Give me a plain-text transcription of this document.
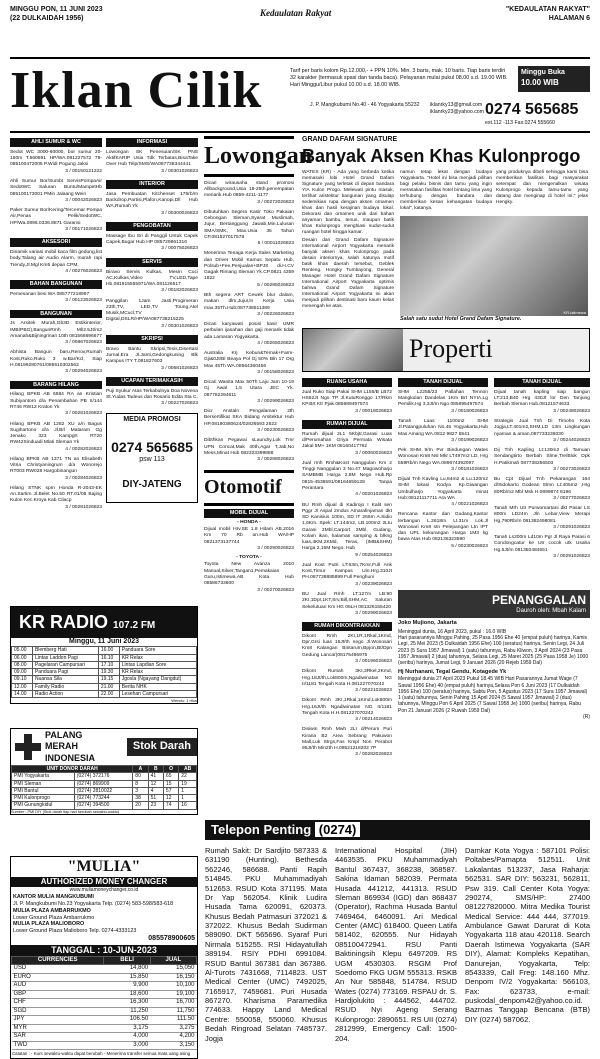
MINGGU PON, 11 JUNI 2023
(22 DULKAIDAH 1956)
Kedaulatan Rakyat	"KEDAULATAN RAKYAT"
HALAMAN 6
Iklan Cilik	Tarif per baris kolom Rp.12.000,- + PPN 10%. Min. 3 baris, mak. 10 baris. Tiap baris terdiri 32 karakter (termasuk spasi dan tanda baca). Pelayanan mulai pukul 08.00 s.d. 19.00 WIB. Hari Minggu/Libur pukul 10.00 s.d. 18.00 WIB.
Minggu Buka
10.00 WIB
J. P. Mangkubumi No.40 - 46 Yogyakarta 55232 iklanrky13@gmail.com
iklanrky23@yahoo.com 0274 565685
ext.112 -113 Fax.0274 555660
AHLI SUMUR & WC
Sedot WC 3000-60000, bor sumur 20-150m T.560591 HP/WA.081227572 79-085100472005 P.Widi Pogung Jaksi
3 / 00150121222
Ahli Sumur Bor/Sumbt ServisPompaAir SedotWC Saluran Buntu/MampetHb 085100173001 PMin Jalaang Wein
3 / 00042026823
Paker Sumur Bor/Kering/Tercemar Pompa Air,Penas Pelik/SedotWC, HP/Wa.0896.0336.8871 Garansi
3 / 00171026823
AKSESORI
Dinamik variasi mobil kaca film gedung,list body,Talang air Audio Alarm, murah rapi Trendy,Jl.Mgl Km5 depan CPM.
4 / 00276026823
BAHAN BANGUNAN
Pemesanan besi WA 085777218997
3 / 00123026823
BANGUNAN
Js Arsitek Murah,Gb3D Estikinterior, IMB/PBG),BangunRmh Ml/2.5Jt/m2 Amanah&Bijningrinan 10th 081568696677
3 / 00867026823
Abhista Bangun baru,Renov,Rumah Kost,Ruko,Ruko 3 w.Bar/Kcl, Siap H.08199280761/085510302562
3 / 00294026823
BARANG HILANG
Hilang BPKB AB 6584 RA an Kristian Subiyantoro d/a Penambahan PB II/144 RT46 RW12 Kraton Yk
3 / 00281026823
Hilang BPKB AB 1282 XU a/n Bagus Sugihartono d/a Jl.Brl Mataram Gg Jenako 323 Kampgrt RT20 RW42Sinduadi Mlati Sleman Yk
4 / 00282026823
Hilang BPKB AB 1371 TN an Elisabeth Vitria Christyaningrum d/a Wonorejo RT003 RW028 Hargobinangun
3 / 00284026823
Hilang STNK spm Honda R-2043-EK An.Sartim Jl.Belet No.50 RT.01/08 Bajing Kulon Kec.Kroya Kab Cilacp
3 / 00281026823
INFORMASI
Lowongan SK Penesuian/SK PNS AktifKARIP Usia Tdk Terbatas,BisaTake Over Hub Telp/SMS/WA087738344441
3 / 00301026823
INTERIOR
Jasa Pembuatan Kitchenset 175rb/m Backdrop,Partisi,Plafon,Kanopi,Dll Hub WA,Rumah Yk
3 / 00300026823
PENGOBATAN
Massage Ibu Sri di Panggil Untuk Capek Capek,Bugar Hub HP 085729861316
3 / 00075026823
SERVIS
Biravo Servis Kulkas, Mesin Cuci AC,Kulkas,Video TV,LED,Tape Hb.081915555971/WA.081126517
3 / 00182026823
Panggilan 1Jam Jasti,Progimeran 23th,TV, LED,TV Toung,Atel Musik,MCucl,TV Digital,DSLR/HP/WA087738215225
3 / 00301026823
SKRIPSI
Bravo Bantu Skripsi,Tesis,Disertasi Jurnal,Era Jl.Janti,Gedongkuning Blk Kampus ITY T.081827603
3 / 00681026823
UCAPAN TERIMAKASIH
Puji Syukur Atas Terkabulnya Doa Novena St.Yudas Tadeus dan Rosario Edita Sta C.
3 / 00227026823
MEDIA PROMOSI
0274 565685
psw 113
DIY-JATENG
Lowongan
Dicari wirausaha stand promosi Allbackground,Usia 18-25th,penempatan menarik.Hub 0859-4211-1177
3 / 00272026823
Dibutuhkan Segera Kasir Toko Pakaian Cebongan Sleman,Syarat Muslimah, Jujur, Bertanggung Jawab,Min.Lulusan SMA/SMK, Max.Usia 35 Tahun CP.081527017578
5 / 00011026823
Menerima Tenaga Kerja Sales Marketing dan Driver Mobil Kamus Sepatu Hub, Polsub+Fee,Penjualan+BPJS di.H.CV Gagak Rimang Sleman Yk.CP.0821 4259 1822
5 / 00285026823
Bth segera ART Cewek blur dalam, makan dlm,Jujur,ln Kerja Usia max.35Th.Hub:087738511389
3 / 00226026823
Dicari karyawati posisi kasir UMR perbulan ijasahan dan gaji menarik tidak ada Lamaran Yogyakarta.
4 / 00265026823
Australia Krj Kebun&Ternak+Farm-Gji&0Jt/Bl Beaya Pol Gj 50% Bln 17 Org Max 45Th WA.08564360456
3 / 00158026823
Dicari Wanita Max 50Th Laju Jam 10-19 Gj Awal 1,5 Utara JEC Yk. 087782294611
3 / 00299026823
Dicr Anstaln Pengalaman 2th Bersertifikat SKA Bidang Arsitektur Hub HP.08190380624/02826593 2622
3 / 00230026823
Dibthkan Pegawai sLaundry,Lok Tmr UPN Concat,Mak 40th,Agar T,Jab,No Mess,Minat Hub 082323399888
3 / 00288026823
Otomotif
MOBIL DIJUAL
- HONDA -
Dijual mobil Hrv.SE 1.8 Hitam AB.2016 Km 70 Rb an.Hub WA/HP 0821373137744
3 / 00290026823
- TOYOTA -
Toyota New Avanza 2010 Manual,Silver,Tangan1,Pemakaian Guru,Istimewa.AB Kota Hub 08586733600
3 / 00270026823
GRAND DAFAM SIGNATURE
Banyak Aksen Khas Kulonprogo
WATES (KR) - Ada yang berbeda ketika memasuki lobi Hotel Grand Dafam Signature yang terletak di depan bandara YIA Kulon Progo. Melewati pintu masuk, terlihat aristektur bangunan yang disulap sedemikian rupa dengan aksen ornamen khas dan hasil kerajinan budaya lokal. Dekorasi dan ornamen unik dari bahan anyaman bambu, tenun, maupun batik khas Kulonprogo menghiasi sudut-sudut ruangan hotel hingga kamar.
Desain dari Grand Dafam Signature International Airport Yogyakarta menarik banyak aksen khas Kulonprogo pada desain interiornya, salah satunya motif batik khas daerah tersebut, Geblek Renteng. Hongky Tumbayong, General Manager Hotel Grand Dafam Signature International Airport Yogyakarta optimis bahwa Grand Dafam Signature International Airport Yogyakarta ini akan menjadi pilihan destinasi baru kaum kelas menengah ke atas.
namun tetap lekat dengan budaya Yogyakarta. "Hotel ini bisa menjadi pilihan bagi pelaku bisnis dan tamu yang ingin merasakan fasilitas hotel bintang lima yang terhubung dengan bandara dan memberikan kesan kehangatan budaya lokal", katanya.
yang produknya dibeli sehingga kami bisa memberikan fasilitas bagi masyarakat setempat dan mengenalkan wisata Kulonprogo kepada tamu-tamu yang datang dan menginap di hotel ini," jelas Hengky.
KR-istimewa
Salah satu sudut Hotel Grand Dafam Signature.
Properti
RUANG USAHA
Jual Ruko Siap Pakai SHM L155/B LB72 HS62Jt Ngo TP Jl.KutuRonggo 17/Rkm KP.Brt Ktr Pjak.085989497574
3 / 00018026823
RUMAH DIJUAL
Rumah dijual 2L1 5Kbjtr,Garasi Luas d/Perumahan Griya Permata Wisata Jakal 5M+ 1KM 08160417762
3 / 00060026823
Jual rmh Rmh&Kost Nanggulan Km 2 Tinggi Nanggulan 3 No.47 Magowoharjo SAMBMB Harga 2,8M Nego Hub.Rp 0815-4536591/08164659128 Tanpa Perantara
4 / 00201026823
BU Rmh dijual di Kadirojo I Kalit sen Pggr Jl Aspal 2mdus Amarafinjaman dkt SD Kanisius 100m, SD IT 266m A.Sidio 1,6Km. Spek: LT.144m2, LB.100m2 2Ltu Garasi 2Mbl,Carport 2Mbl, Gudang, Kolam ikan, halaman samping & blkng luas,4KM,2KMd, Teras, (IMB&SHM) Harga 2,15M Nego. Hub
9 / 00254026823
Jual Kost Putri LT:63m,7Kmr,Full Ank Kost,Timur Kampus Uin.Hrg.310Jt PH.087738885899 Full Penghuni
3 / 00239026823
BU Jual Rmh LT:127m LB:90 2KI,1Dpr,1KT,Srv,Bill,SHM,AC Saluran Sekelutuan Km HG 05LH 081326155420
3 / 00299026823
RUMAH DIKONTRAKKAN
Dikont Rmh 2KI,1R,1Rkal,1Kmd, Dpr,Grsi luas 16Jt/th nego Jl.Wonosari Km8 Kalangan Bintarum,Bpjon,Bt/Dpn Gedung Lancar)08175496975
3 / 00196026823
Dikont Rumah 3KI,3Rkel,2Kmd, Hrg.18Jt/th,Lok800m,Ngadiwinatan NG II/1181 Tengah Kota H.081227070242
3 / 00221026823
Dikont Rmh 3KI,1Rkal,1Kmd,Lok800m Hrg.16Jt/th Ngadiwinatan NG II/1181 Tengah Kota H.H.081227070242
3 / 00214026823
Disiwin Rmh Mwh 2LI d/Perum Puri Kirana B2 Area Sebrang Pakuwon Mall,Luk Strgs,Fas Kmpl Non Perabot 95Jt/th Min2th H.08521218202 7P
3 / 00282026823
TANAH DIJUAL
SHM L2255/23 Pallahan Tennon Mangkulan Dandelas 1Km Brt NYIA,Lg Pemilik,Hg 3,3Jt/m Ngo 085695497574
3 / 00180026823
Tanah Luas 1100m2 SHM Jl.Patangpuluhan No.45 Yogyakarta,Hub Mas Amang WA.0812 9827 5541
3 / 00199026823
Pek SHM 9/In Pvr Bindungan Wates Wonosari Km8 Nsl Mkr LT497m2 LD, Hrg 559Rb/m Nego WA.089674392097
3 / 00181026823
Dijual Tnh Kavling Lu,84m2 & Lu.120m2 SHM lokasi Kodya Kp.Giwangan Umbulharjo Yogyakarta minat Hub:08121117711 Ara WA
4 / 00221026823
Rencana Kantor dan Gudang,Kantor terbangun L.2618m Lt.31m Lok.Jl Wonosari Km8 stn Pelepangan Ltn IPT dan UPL kekurangan Harga 1M3 kg bawa Atas Hub 082136323590
5 / 00230026823
TANAH DIJUAL
Dijual tanah kapling siap bangun LT:213,B40 Hrg 430Jt lor Den Tanjung Berbah Sleman Hub.08121574633
3 / 00248026823
Strategis Jual Tnh Di Timoho Kota Jogja,LT.401m2,SHM,LD 13m Lingkungan nyaman & aman,087733236030
3 / 00244026823
Dij Tnh Kapling Lt:130m2 di Tamuan Sendangtirto Berbah Slme,Tre/Blok Dpk H.Patikmah 087738256503
3 / 00273026823
Bu Cpt Dijual Tnh Pekarangan 164 d/Sidokarto Godean Slmn Lt:405m2 ,Hrg 80Rb/m2 Mbl Msk H.0899874 8196
3 / 00277026823
Tanah Mrh Utr Purwomartani dkt Pasar LS 800m LD24m Jln Lebar,View Merapi Hg.790Rb/m 081382498081
3 / 00291026823
Tanah Ls200m Ld10m Pgr Jl Raya Parasi 6 Condongcatur ke Utr cocok utk Usaha Hg.5Jt/m 081350484551
3 / 00291026823
PENANGGALAN
Dauroh oleh: Mbah Kalam
Joko Mujiono, Jakarta
Meninggal dunia, 16 April 2023, pukul : 16.0 WIB
Hari pasarannya Minggu Pahing, 25 Pasa 1956 Ehe 40 (empat puluh) harinya, Kamis Legi, 25 Mei 2023 (5 Dulkaidah 1956 Ehe) 100 (seratus) harinya, Senin Legi, 24 Juli 2023 (5 Sura 1957 Jimawal) 1 (satu) tahunnya, Rabu Kliwon, 3 April 2024 (23 Pasa 1957 Jimawal) 2 (dua) tahunnya, Selasa Legi, 25 Maret 2025 (25 Pasa 1958 Je) 1000 (seribu) harinya, Jumat Legi, 9 Januari 2026 (20 Rejeb 1959 Dal)
Hj Nurhanani, Tegal Gendu, Kotagede Yk
Meninggal dunia 27 April 2023 Pukul 18.45 WIB Hari Pasarannya Jumat Wage (7 Sawal 1956 Ehe) 40 (empat puluh) harinya,Selasa Pon 6 Juni 2023 (17 Dulkaidah 1956 Ehe) 100 (seratus) harinya, Sabtu Pon, 5 Agustus 2023 (17 Sura 1957 Jimawal) 1 (satu) tahunnya, Senin Pahing 15 April 2024 (5 Sawal 1957 Jimawal) 2 (dua) tahunnya, Minggu Pon 6 April 2025 (7 Sawal 1958 Je) 1000 (seribu) harinya, Rabu Pon 21 Januari 2026 (2 Ruwah 1959 Dal)
(R)
KR RADIO 107.2 FM
Minggu, 11 Juni 2023
05.00	Blemberg Hati	16.00	Panduara Sore
06.00	Lintas Laddon Pagi	16.10	KR Relax
08.00	Pagelaran Campursari	17.10	Lintas Lapdian Sore
09.00	Panduara Pagi	19.30	KR Relax
09.10	Nuansa Sila	19.15	Jgosla (Ngayang Dangdut)
12.00	Family Radio	21.00	Berita NHK
14.00	Radio Action	22.00	Lesehan Campursari
Wendu: 1 ritus
PALANG MERAH INDONESIA
Stok Darah
UNIT DONOR DARAH		A	B	O	AB
PMI Yogyakarta	(0274) 372176	80	41	65	22
PMI Sleman	(0274) 869909	8	12	15	19
PMI Bantul	(0274) 2810022	3	4	57	1
PMI Kulonprogo	(0274) 773244	38	51	12	1
PMI Gunungkidul	(0274) 394500	20	23	74	16
Sumber : PMI DIY (Stok darah tiap hari berubah sewaktu-waktu)
"MULIA"
AUTHORIZED MONEY CHANGER
www.muliamoneychanger.co.id
KANTOR MULIA MANGKUBUMI
Jl. P. Mangkubumi No.23 Yogyakarta Telp. (0274) 583-598/583-618
MULIA PLAZA AMBARRUKMO
Lower Ground Plaza Ambarrukmo
MULIA PLAZA MALIOBORO
Lower Ground Plaza Malioboro Telp. 0274-4333123
085578900605
TANGGAL : 10-JUN-2023
CURRENCIES	BELI	JUAL
USD	14,800	15,050
EURO	15,850	16,150
AUD	9,900	10,100
GBP	18,600	19,100
CHF	16,300	16,700
SGD	11,250	11,750
JPY	106.50	111.50
MYR	3,175	3,275
SAR	4,000	4,200
TWD	3,000	3,150
Catatan : - Kurs sewaktu-waktu dapat berubah - Menerima transfer semua mata uang asing
Telepon Penting (0274)
Rumah Sakit: Dr Sardjito 587333 & 631190 (Hunting). Bethesda 562246, 586688. Panti Rapih 514845. PKU Muhammadiyah 512653. RSUD Kota 371195. Mata Dr Yap 562054. Klinik Ludira Husada Tama 620091, 620373. Khusus Bedah Patmasuri 372021 & 372022. Khusus Bedah Sudirman 589090. DKT 565696. Syaraf Puri Nirmala 515255. RSI Hidayatullah 389194. RSIY PDHI 6991084. RSUD Bantul 367381 dan 367386. Al-Turots 7431668, 7114823. UST Medical Center (UMC) 7492025, 7165917, 7459681. Puri Husada 867270. Kharisma Paramedika 774633. Happy Land Medical Centre: 550058, 550060. Khusus Bedah Ringroad Selatan 7485737. Jogja
International Hospital (JIH) 4463535. PKU Muhammadiyah Bantul 367437, 368238, 368587. Sakina Idaman 582039. Permata Husada 441212, 441313. RSUD Sleman 869934 (IGD) dan 868437 (Operator), Rachma Husada Bantul 7469464, 6460091. Ari Medical Center (AMC) 618400. Queen Latifa 581402, 620555. Nur Hidayah 085100472941. RSU Panti Baktiningsih Klepu 6497209. RS UGM 4530303. RSGM Prof Soedomo FKG UGM 555313. RSKB An Nur 585848, 514784. RSUD Wates (0274) 773169. RSPAU dr. S. Hardjolukito : 444562, 444702. RSUD Nyi Ageng Serang Kulonprogo: 2890651. RS UII (0274) 2812999, Emergency Call: 1500-204.
Damkar Kota Yogya : 587101 Polisi: Poltabes/Pamapta 512511. Unit Lakalantas 513237, Jasa Raharja: 562531. SAR DIY: 563231, 562811, Psw 319. Call Center Kota Yogya: 290274, SMS/HP: 27400 081227820000. Mitra Medika Tourist Medical Service: 444 444, 377019. Ambulance Gawat Darurat di Kota Yogyakarta 118 atau 420118. Search Daerah Istimewa Yogyakarta (SAR DIY), Alamat: Kompleks Kepatihan, Danurejan, Yogyakarta, Telp: 8543339, Call Freg: 148.160 Mhz. Denpom IV/2 Yogyakarta: 566103, Fax: 623733, e-mail: puskodal_denpom42@yahoo.co.id. Bazrnas Tanggap Bencana (BTB) DIY (0274) 587062.
